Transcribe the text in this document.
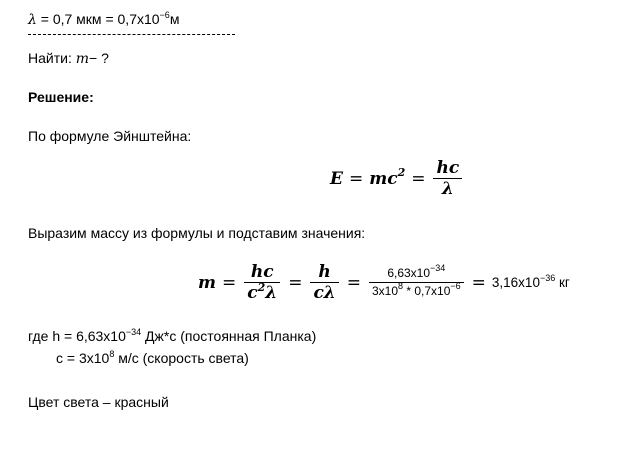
λ = 0,7 мкм = $0,7x10^{-6}м$
Найти: m− ?
Решение:
По формуле Эйнштейна:
$E = mc^2 = \frac{hc}{\lambda}$
Выразим массу из формулы и подставим значения:
$m = \frac{hc}{c^2\lambda} = \frac{h}{c\lambda} = \frac{6,63x10^{-34}}{3x10^8 * 0,7x10^{-6}} = 3,16x10^{-36}$ кг
где $h = 6,63x10^{-34}$ Дж*с (постоянная Планка)
$c = 3x10^8$ м/с (скорость света)
Цвет света – красный
